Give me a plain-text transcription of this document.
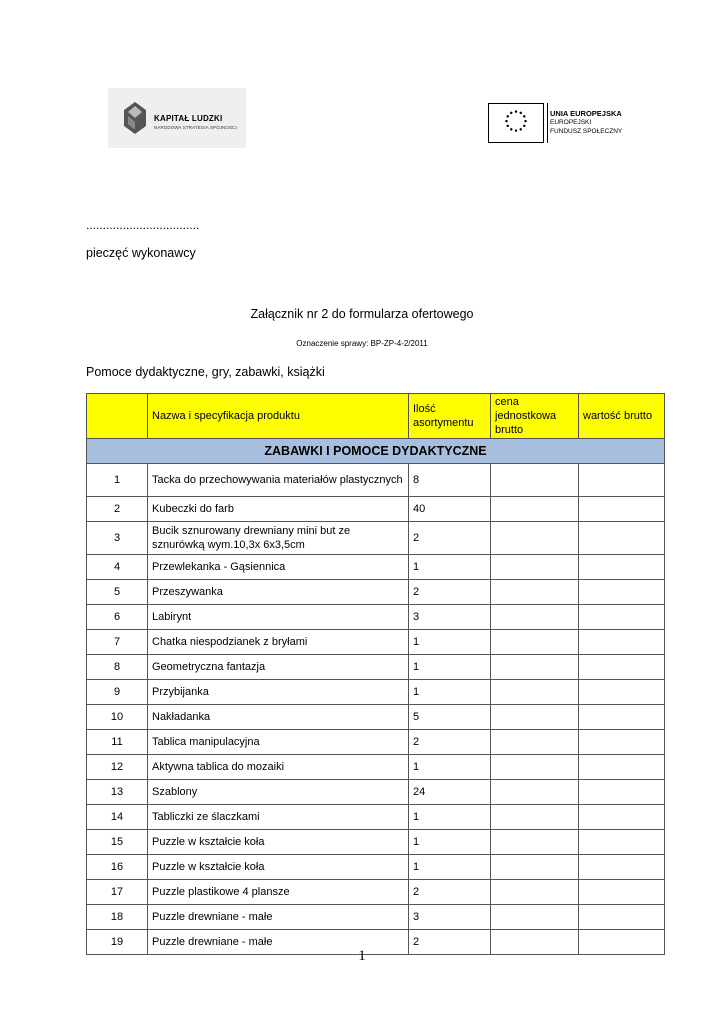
KAPITAŁ LUDZKI
NARODOWA STRATEGIA SPÓJNOŚCI
UNIA EUROPEJSKA
EUROPEJSKI
FUNDUSZ SPOŁECZNY
..................................
pieczęć wykonawcy
Załącznik nr 2 do formularza ofertowego
Oznaczenie sprawy: BP-ZP-4-2/2011
Pomoce dydaktyczne, gry, zabawki, książki
	Nazwa i specyfikacja produktu	Ilość asortymentu	cena jednostkowa brutto	wartość brutto
ZABAWKI I POMOCE DYDAKTYCZNE				
1	Tacka do przechowywania materiałów plastycznych	8		
2	Kubeczki do farb	40		
3	Bucik sznurowany drewniany mini but ze sznurówką wym.10,3x 6x3,5cm	2		
4	Przewlekanka - Gąsiennica	1		
5	Przeszywanka	2		
6	Labirynt	3		
7	Chatka niespodzianek z bryłami	1		
8	Geometryczna fantazja	1		
9	Przybijanka	1		
10	Nakładanka	5		
11	Tablica manipulacyjna	2		
12	Aktywna tablica do mozaiki	1		
13	Szablony	24		
14	Tabliczki ze ślaczkami	1		
15	Puzzle w kształcie koła	1		
16	Puzzle w kształcie koła	1		
17	Puzzle plastikowe 4 plansze	2		
18	Puzzle drewniane - małe	3		
19	Puzzle drewniane - małe	2		
1
